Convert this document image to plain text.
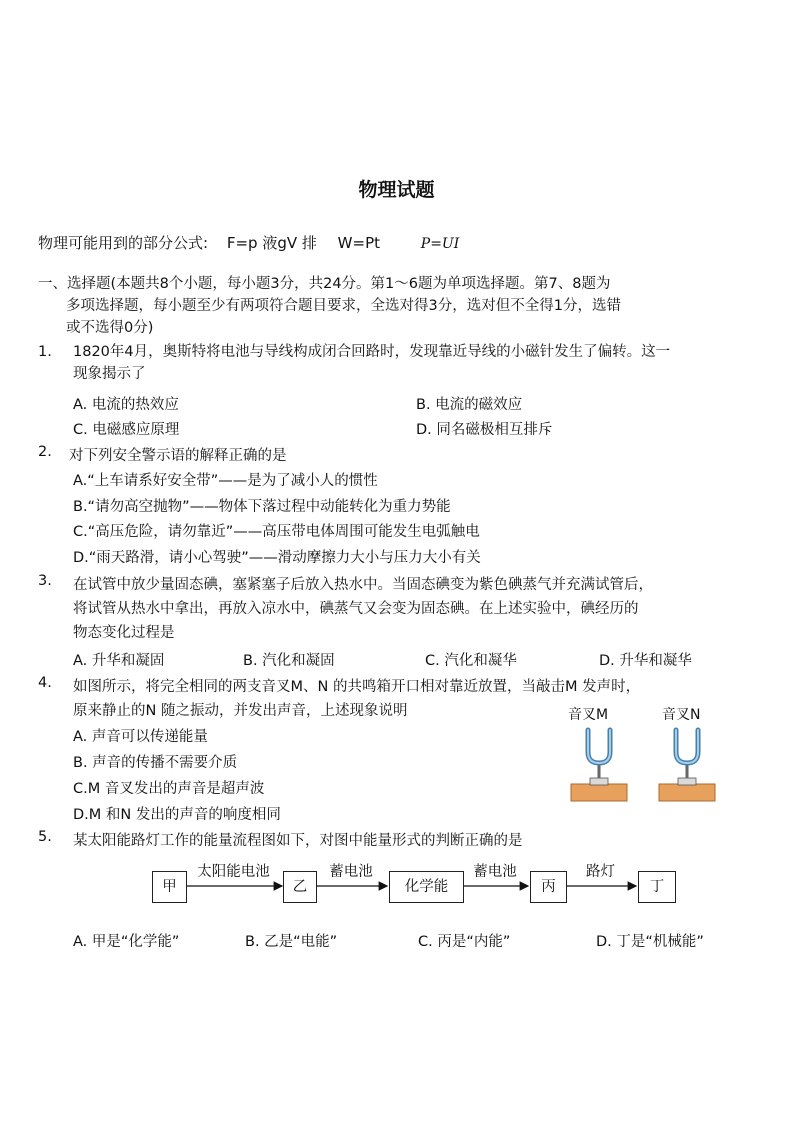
物理试题
物理可能用到的部分公式: F=p 液gV 排 W=Pt	P=UI
一、选择题(本题共8个小题，每小题3分，共24分。第1～6题为单项选择题。第7、8题为
多项选择题，每小题至少有两项符合题目要求，全选对得3分，选对但不全得1分，选错
或不选得0分)
1. 1820年4月，奥斯特将电池与导线构成闭合回路时，发现靠近导线的小磁针发生了偏转。这一
现象揭示了
A. 电流的热效应	B. 电流的磁效应
C. 电磁感应原理	D. 同名磁极相互排斥
2. 对下列安全警示语的解释正确的是
A.“上车请系好安全带”——是为了减小人的惯性
B.“请勿高空抛物”——物体下落过程中动能转化为重力势能
C.“高压危险，请勿靠近”——高压带电体周围可能发生电弧触电
D.“雨天路滑，请小心驾驶”——滑动摩擦力大小与压力大小有关
3. 在试管中放少量固态碘，塞紧塞子后放入热水中。当固态碘变为紫色碘蒸气并充满试管后，
将试管从热水中拿出，再放入凉水中，碘蒸气又会变为固态碘。在上述实验中，碘经历的
物态变化过程是
A. 升华和凝固	B. 汽化和凝固	C. 汽化和凝华	D. 升华和凝华
4. 如图所示，将完全相同的两支音叉M、N 的共鸣箱开口相对靠近放置，当敲击M 发声时，
原来静止的N 随之振动，并发出声音，上述现象说明
A. 声音可以传递能量
B. 声音的传播不需要介质
C.M 音叉发出的声音是超声波
D.M 和N 发出的声音的响度相同
音叉M	音叉N
5. 某太阳能路灯工作的能量流程图如下，对图中能量形式的判断正确的是
甲	乙	化学能	丙	丁
太阳能电池	蓄电池	蓄电池	路灯
A. 甲是“化学能”	B. 乙是“电能”	C. 丙是“内能”	D. 丁是“机械能”
